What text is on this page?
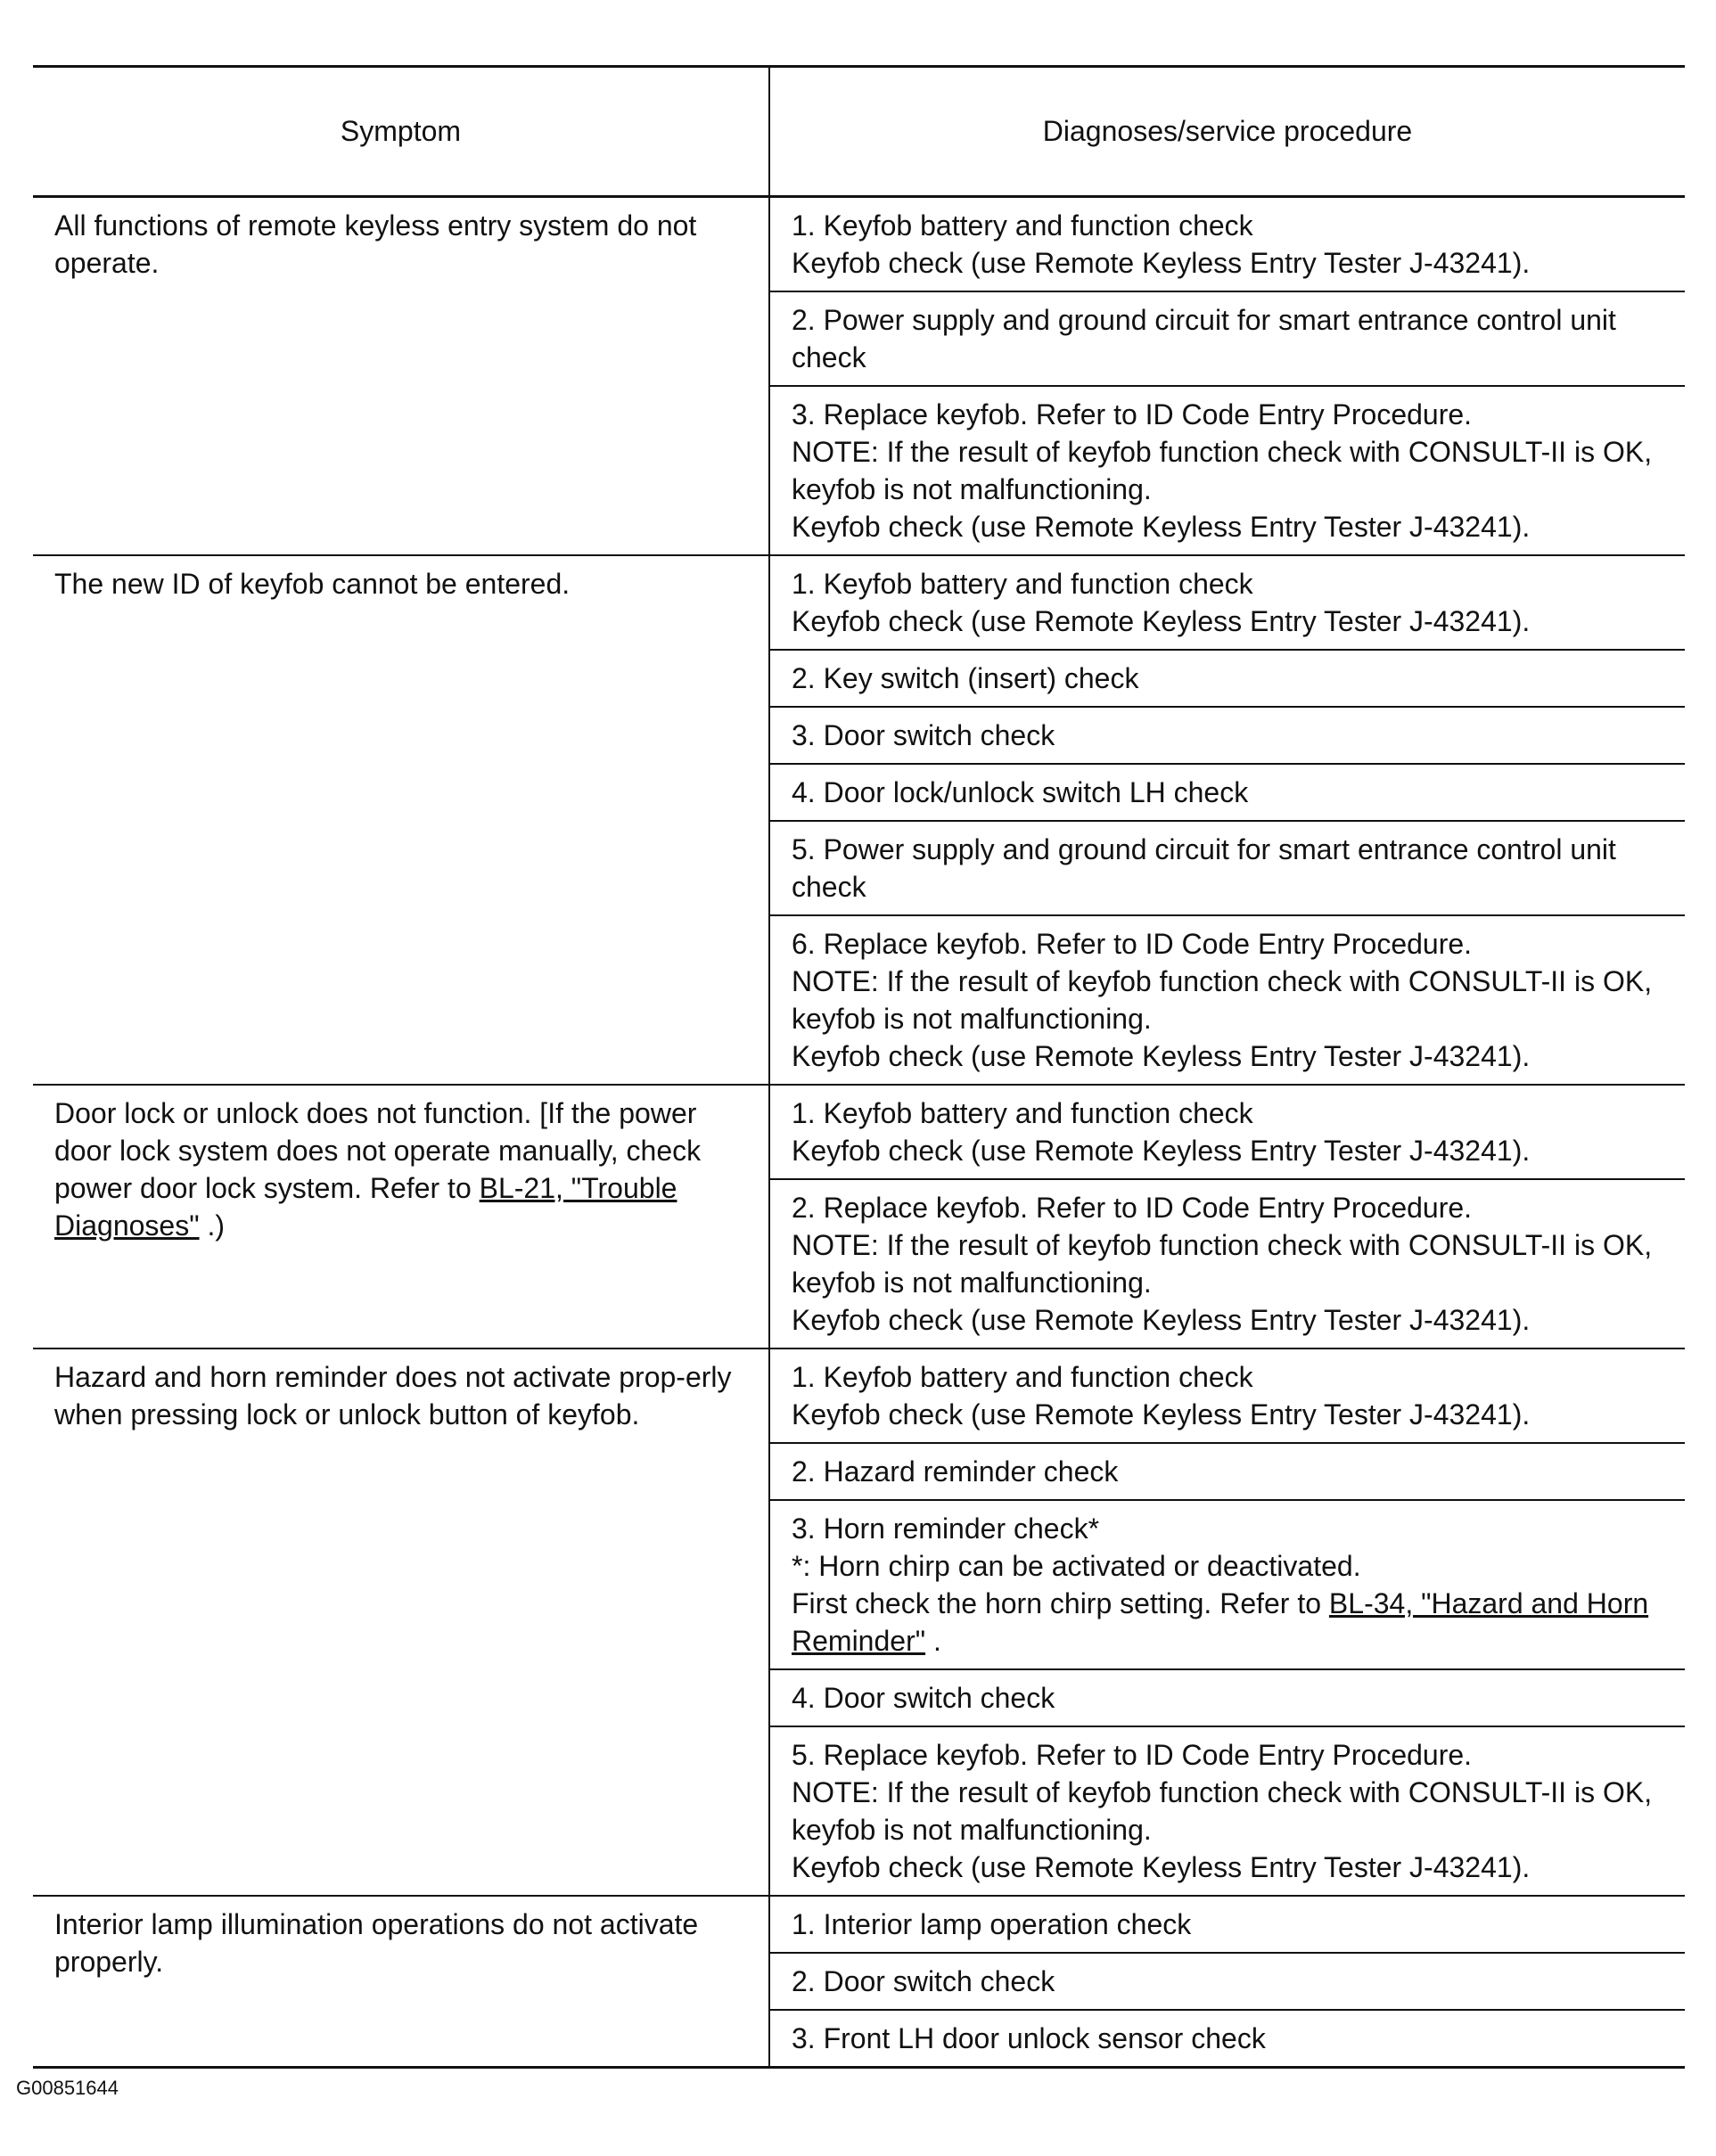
Symptom	Diagnoses/service procedure

All functions of remote keyless entry system do not operate.	1. Keyfob battery and function check
Keyfob check (use Remote Keyless Entry Tester J-43241).

	2. Power supply and ground circuit for smart entrance control unit check

	3. Replace keyfob. Refer to ID Code Entry Procedure.
NOTE: If the result of keyfob function check with CONSULT-II is OK, keyfob is not malfunctioning.
Keyfob check (use Remote Keyless Entry Tester J-43241).

The new ID of keyfob cannot be entered.	1. Keyfob battery and function check
Keyfob check (use Remote Keyless Entry Tester J-43241).

	2. Key switch (insert) check

	3. Door switch check

	4. Door lock/unlock switch LH check

	5. Power supply and ground circuit for smart entrance control unit check

	6. Replace keyfob. Refer to ID Code Entry Procedure.
NOTE: If the result of keyfob function check with CONSULT-II is OK, keyfob is not malfunctioning.
Keyfob check (use Remote Keyless Entry Tester J-43241).

Door lock or unlock does not function. [If the power door lock system does not operate manually, check power door lock system. Refer to BL-21, "Trouble Diagnoses" .)	1. Keyfob battery and function check
Keyfob check (use Remote Keyless Entry Tester J-43241).

	2. Replace keyfob. Refer to ID Code Entry Procedure.
NOTE: If the result of keyfob function check with CONSULT-II is OK, keyfob is not malfunctioning.
Keyfob check (use Remote Keyless Entry Tester J-43241).

Hazard and horn reminder does not activate prop-erly when pressing lock or unlock button of keyfob.	1. Keyfob battery and function check
Keyfob check (use Remote Keyless Entry Tester J-43241).

	2. Hazard reminder check

	3. Horn reminder check*
*: Horn chirp can be activated or deactivated.
First check the horn chirp setting. Refer to BL-34, "Hazard and Horn Reminder" .

	4. Door switch check

	5. Replace keyfob. Refer to ID Code Entry Procedure.
NOTE: If the result of keyfob function check with CONSULT-II is OK, keyfob is not malfunctioning.
Keyfob check (use Remote Keyless Entry Tester J-43241).

Interior lamp illumination operations do not activate properly.	1. Interior lamp operation check

	2. Door switch check

	3. Front LH door unlock sensor check
G00851644
